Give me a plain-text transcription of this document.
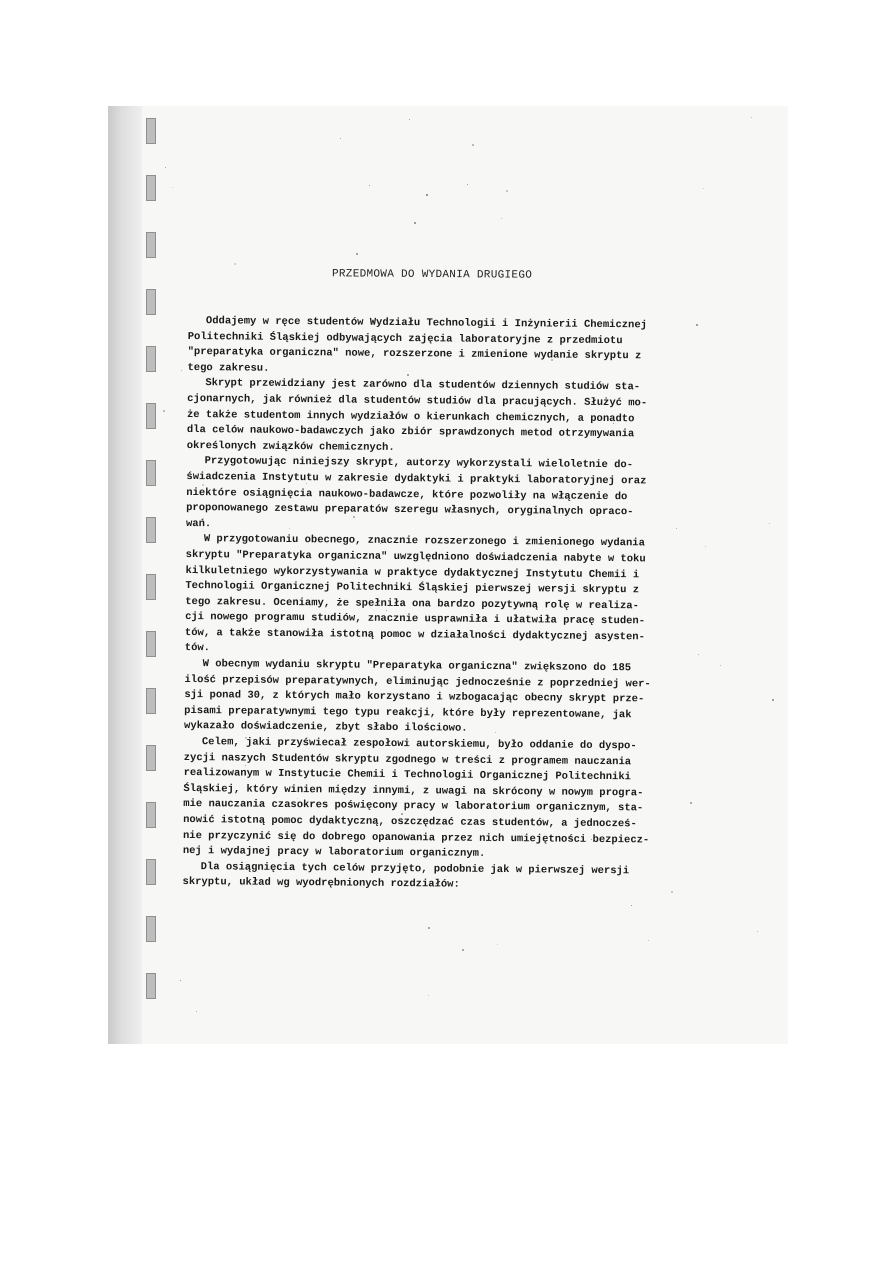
PRZEDMOWA DO WYDANIA DRUGIEGO
Oddajemy w ręce studentów Wydziału Technologii i Inżynierii Chemicznej
Politechniki Śląskiej odbywających zajęcia laboratoryjne z przedmiotu
"preparatyka organiczna" nowe, rozszerzone i zmienione wydanie skryptu z
tego zakresu.
Skrypt przewidziany jest zarówno dla studentów dziennych studiów sta-
cjonarnych, jak również dla studentów studiów dla pracujących. Służyć mo-
że także studentom innych wydziałów o kierunkach chemicznych, a ponadto
dla celów naukowo-badawczych jako zbiór sprawdzonych metod otrzymywania
określonych związków chemicznych.
Przygotowując niniejszy skrypt, autorzy wykorzystali wieloletnie do-
świadczenia Instytutu w zakresie dydaktyki i praktyki laboratoryjnej oraz
niektóre osiągnięcia naukowo-badawcze, które pozwoliły na włączenie do
proponowanego zestawu preparatów szeregu własnych, oryginalnych opraco-
wań.
W przygotowaniu obecnego, znacznie rozszerzonego i zmienionego wydania
skryptu "Preparatyka organiczna" uwzględniono doświadczenia nabyte w toku
kilkuletniego wykorzystywania w praktyce dydaktycznej Instytutu Chemii i
Technologii Organicznej Politechniki Śląskiej pierwszej wersji skryptu z
tego zakresu. Oceniamy, że spełniła ona bardzo pozytywną rolę w realiza-
cji nowego programu studiów, znacznie usprawniła i ułatwiła pracę studen-
tów, a także stanowiła istotną pomoc w działalności dydaktycznej asysten-
tów.
W obecnym wydaniu skryptu "Preparatyka organiczna" zwiększono do 185
ilość przepisów preparatywnych, eliminując jednocześnie z poprzedniej wer-
sji ponad 30, z których mało korzystano i wzbogacając obecny skrypt prze-
pisami preparatywnymi tego typu reakcji, które były reprezentowane, jak
wykazało doświadczenie, zbyt słabo ilościowo.
Celem, jaki przyświecał zespołowi autorskiemu, było oddanie do dyspo-
zycji naszych Studentów skryptu zgodnego w treści z programem nauczania
realizowanym w Instytucie Chemii i Technologii Organicznej Politechniki
Śląskiej, który winien między innymi, z uwagi na skrócony w nowym progra-
mie nauczania czasokres poświęcony pracy w laboratorium organicznym, sta-
nowić istotną pomoc dydaktyczną, oszczędzać czas studentów, a jednocześ-
nie przyczynić się do dobrego opanowania przez nich umiejętności bezpiecz-
nej i wydajnej pracy w laboratorium organicznym.
Dla osiągnięcia tych celów przyjęto, podobnie jak w pierwszej wersji
skryptu, układ wg wyodrębnionych rozdziałów:
